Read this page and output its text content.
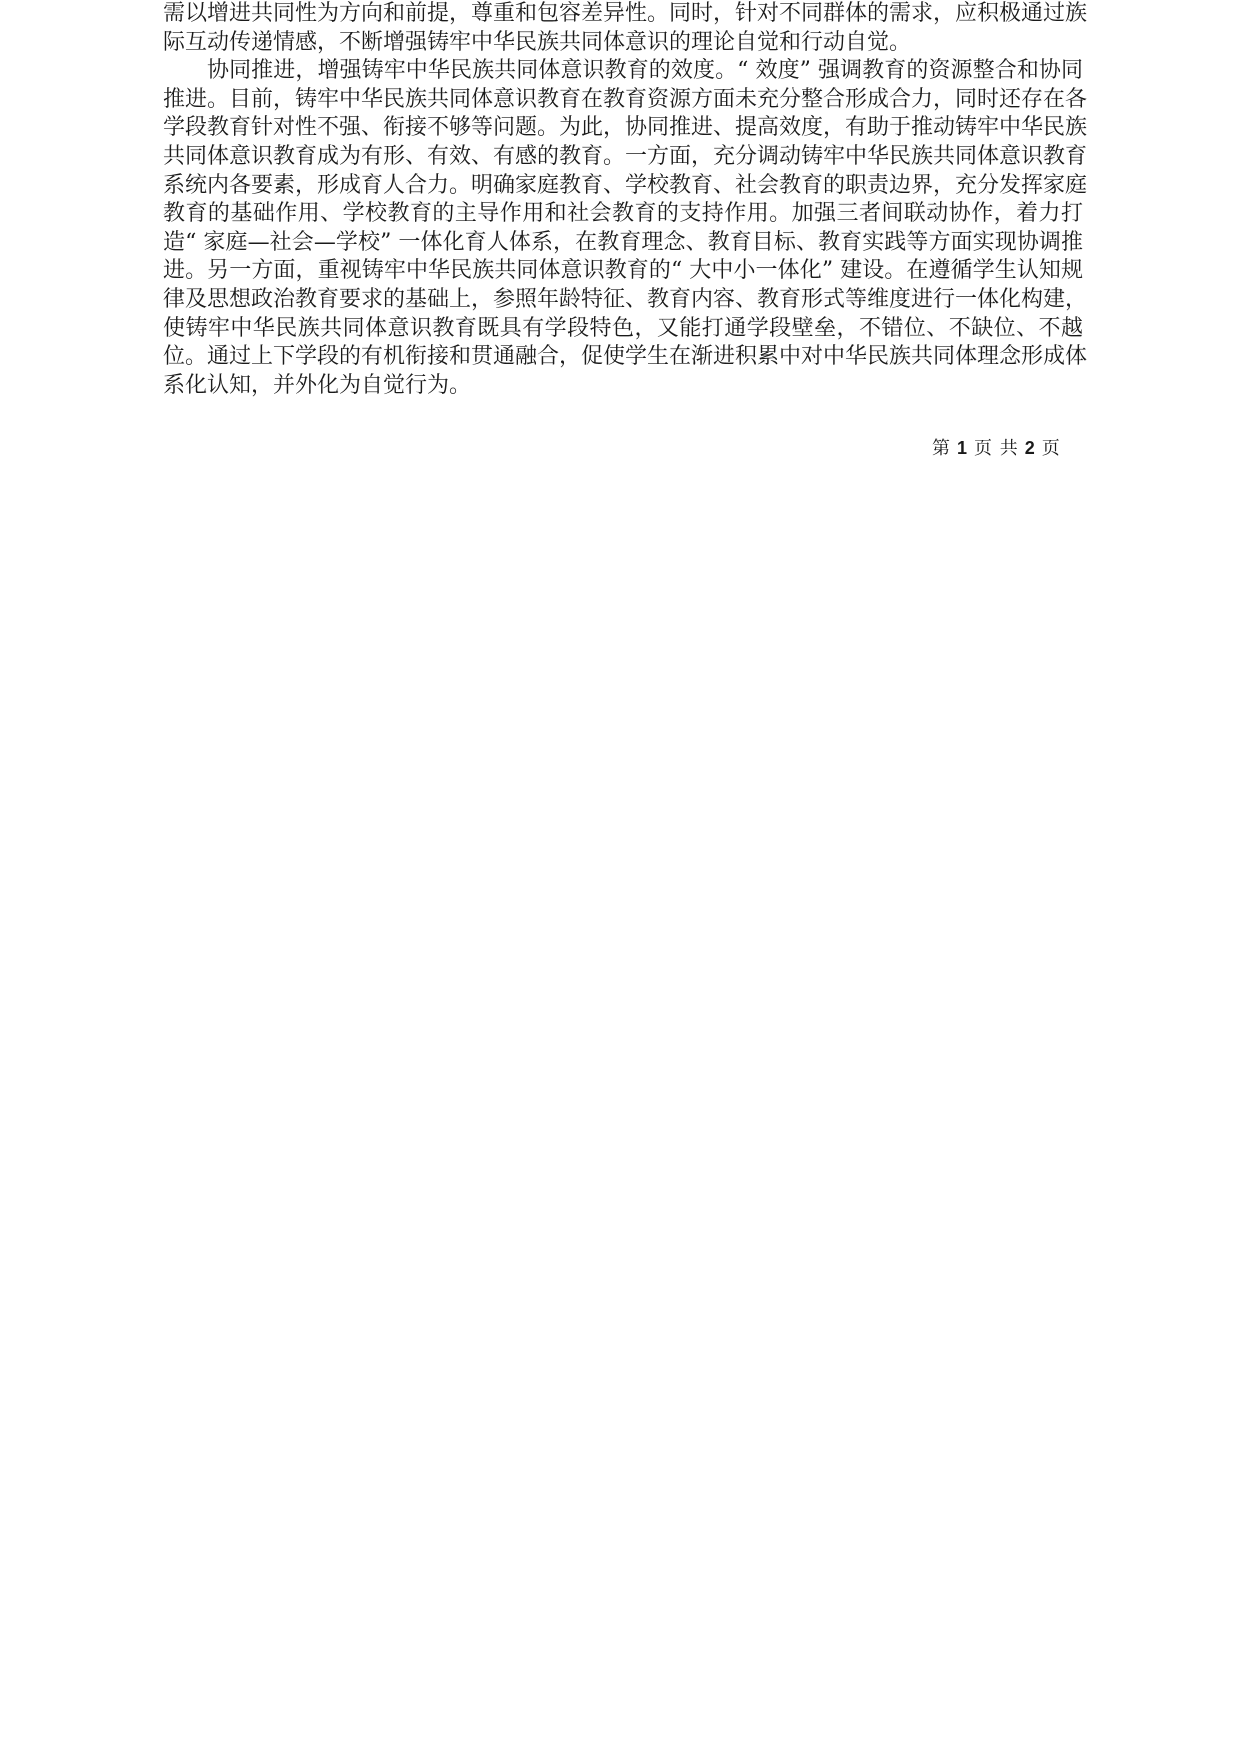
需以增进共同性为方向和前提，尊重和包容差异性。同时，针对不同群体的需求，应积极通过族
际互动传递情感，不断增强铸牢中华民族共同体意识的理论自觉和行动自觉。
协同推进，增强铸牢中华民族共同体意识教育的效度。“ 效度” 强调教育的资源整合和协同
推进。目前，铸牢中华民族共同体意识教育在教育资源方面未充分整合形成合力，同时还存在各
学段教育针对性不强、衔接不够等问题。为此，协同推进、提高效度，有助于推动铸牢中华民族
共同体意识教育成为有形、有效、有感的教育。一方面，充分调动铸牢中华民族共同体意识教育
系统内各要素，形成育人合力。明确家庭教育、学校教育、社会教育的职责边界，充分发挥家庭
教育的基础作用、学校教育的主导作用和社会教育的支持作用。加强三者间联动协作，着力打
造“ 家庭—社会—学校” 一体化育人体系，在教育理念、教育目标、教育实践等方面实现协调推
进。另一方面，重视铸牢中华民族共同体意识教育的“ 大中小一体化” 建设。在遵循学生认知规
律及思想政治教育要求的基础上，参照年龄特征、教育内容、教育形式等维度进行一体化构建，
使铸牢中华民族共同体意识教育既具有学段特色，又能打通学段壁垒，不错位、不缺位、不越
位。通过上下学段的有机衔接和贯通融合，促使学生在渐进积累中对中华民族共同体理念形成体
系化认知，并外化为自觉行为。
第 1 页 共 2 页
